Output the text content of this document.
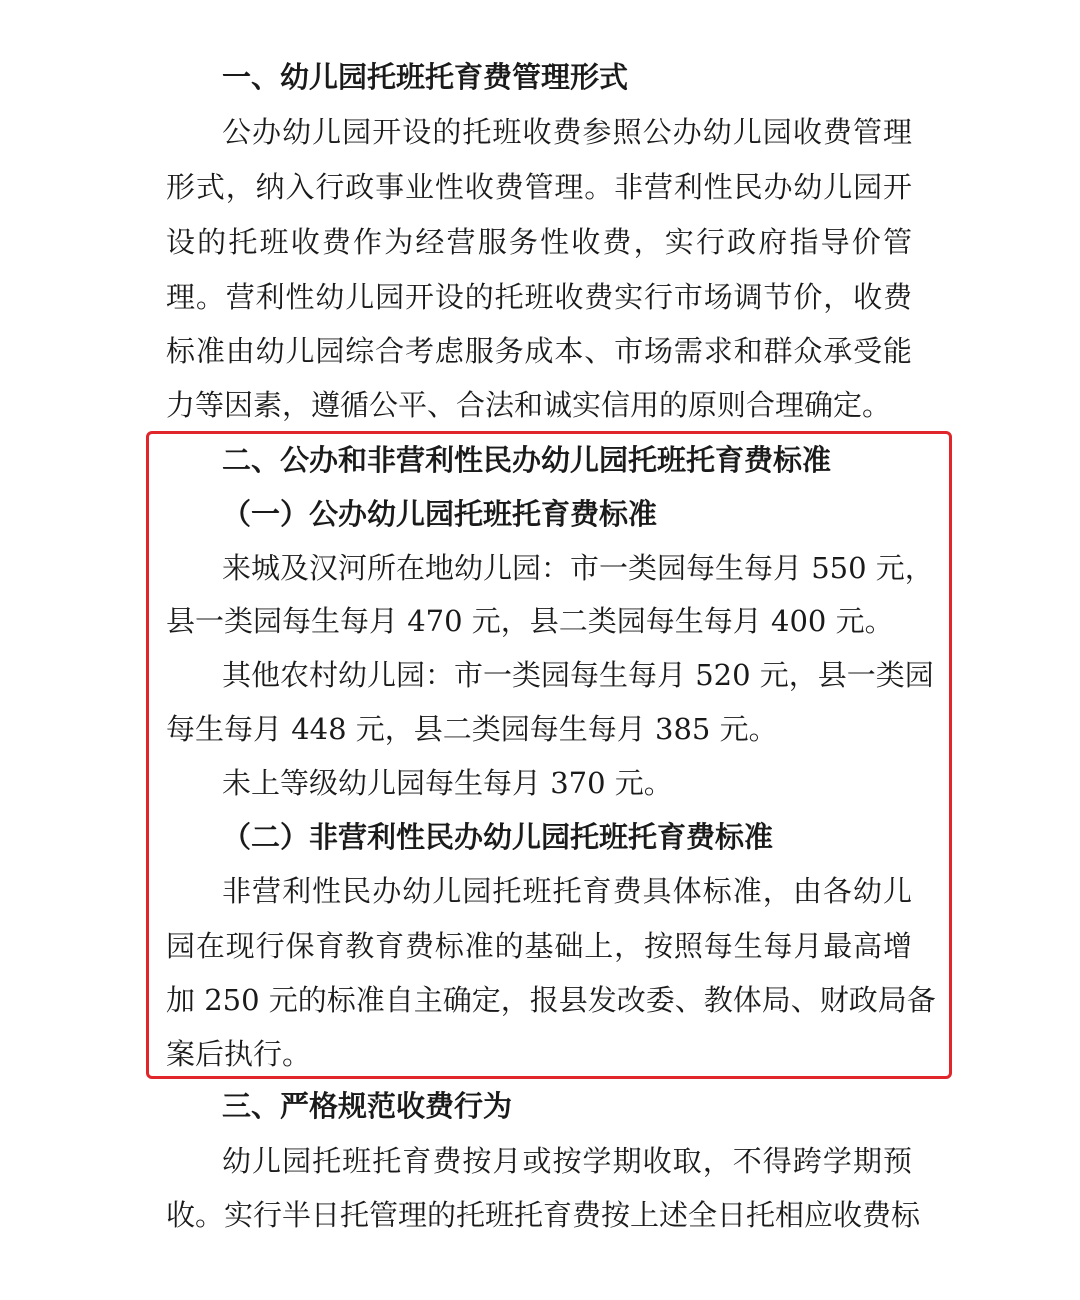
一、幼儿园托班托育费管理形式
公办幼儿园开设的托班收费参照公办幼儿园收费管理
形式，纳入行政事业性收费管理。非营利性民办幼儿园开
设的托班收费作为经营服务性收费，实行政府指导价管
理。营利性幼儿园开设的托班收费实行市场调节价，收费
标准由幼儿园综合考虑服务成本、市场需求和群众承受能
力等因素，遵循公平、合法和诚实信用的原则合理确定。
二、公办和非营利性民办幼儿园托班托育费标准
（一）公办幼儿园托班托育费标准
来城及汉河所在地幼儿园：市一类园每生每月 550 元，
县一类园每生每月 470 元，县二类园每生每月 400 元。
其他农村幼儿园：市一类园每生每月 520 元，县一类园
每生每月 448 元，县二类园每生每月 385 元。
未上等级幼儿园每生每月 370 元。
（二）非营利性民办幼儿园托班托育费标准
非营利性民办幼儿园托班托育费具体标准，由各幼儿
园在现行保育教育费标准的基础上，按照每生每月最高增
加 250 元的标准自主确定，报县发改委、教体局、财政局备
案后执行。
三、严格规范收费行为
幼儿园托班托育费按月或按学期收取，不得跨学期预
收。实行半日托管理的托班托育费按上述全日托相应收费标
